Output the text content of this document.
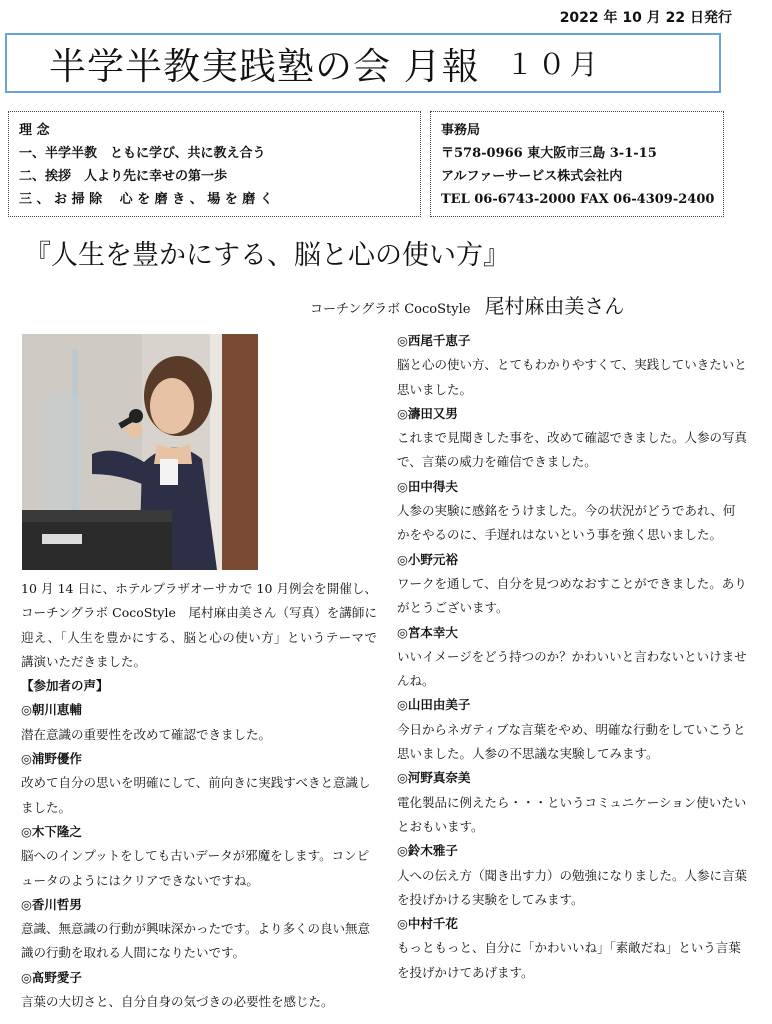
2022 年 10 月 22 日発行
半学半教実践塾の会 月報 １０月
理 念
一、半学半教　ともに学び、共に教え合う
二、挨拶　人より先に幸せの第一歩
三 、 お 掃 除　 心 を 磨 き 、 場 を 磨 く
事務局
〒578-0966 東大阪市三島 3-1-15
アルファーサービス株式会社内
TEL 06-6743-2000 FAX 06-4309-2400
『人生を豊かにする、脳と心の使い方』
コーチングラボ CocoStyle 尾村麻由美さん

10 月 14 日に、ホテルプラザオーサカで 10 月例会を開催し、コーチングラボ CocoStyle　尾村麻由美さん（写真）を講師に迎え、「人生を豊かにする、脳と心の使い方」というテーマで講演いただきました。

【参加者の声】

◎朝川恵輔

潜在意識の重要性を改めて確認できました。

◎浦野優作

改めて自分の思いを明確にして、前向きに実践すべきと意識しました。

◎木下隆之

脳へのインプットをしても古いデータが邪魔をします。コンピュータのようにはクリアできないですね。

◎香川哲男

意識、無意識の行動が興味深かったです。より多くの良い無意識の行動を取れる人間になりたいです。

◎髙野愛子

言葉の大切さと、自分自身の気づきの必要性を感じた。

◎西尾千恵子

脳と心の使い方、とてもわかりやすくて、実践していきたいと思いました。

◎濤田又男

これまで見聞きした事を、改めて確認できました。人参の写真で、言葉の威力を確信できました。

◎田中得夫

人参の実験に感銘をうけました。今の状況がどうであれ、何かをやるのに、手遅れはないという事を強く思いました。

◎小野元裕

ワークを通して、自分を見つめなおすことができました。ありがとうございます。

◎宮本幸大

いいイメージをどう持つのか？かわいいと言わないといけませんね。

◎山田由美子

今日からネガティブな言葉をやめ、明確な行動をしていこうと思いました。人参の不思議な実験してみます。

◎河野真奈美

電化製品に例えたら・・・というコミュニケーション使いたいとおもいます。

◎鈴木雅子

人への伝え方（聞き出す力）の勉強になりました。人参に言葉を投げかける実験をしてみます。

◎中村千花

もっともっと、自分に「かわいいね」「素敵だね」という言葉を投げかけてあげます。
